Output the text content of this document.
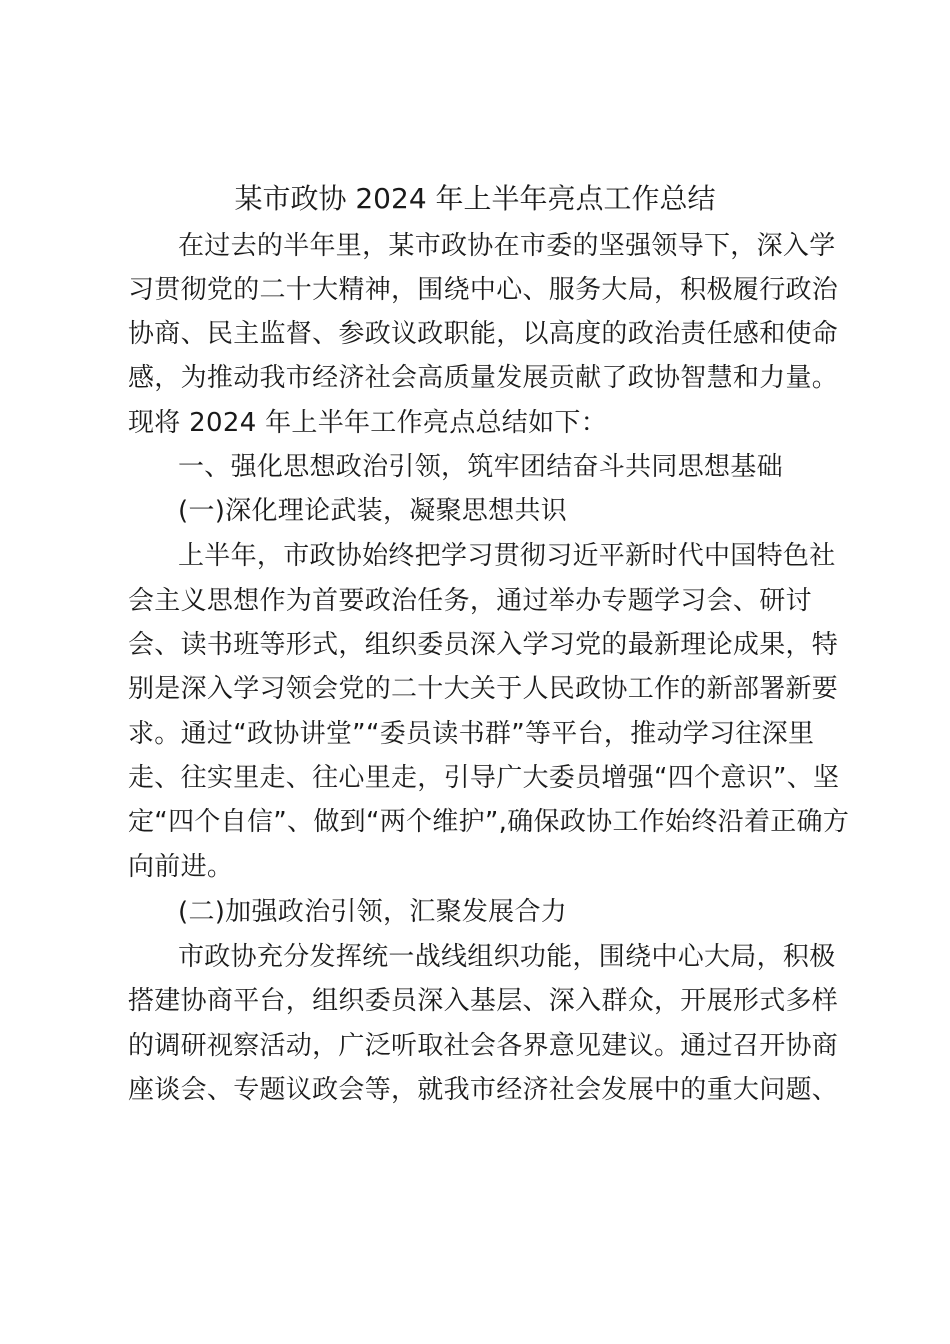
某市政协 2024 年上半年亮点工作总结
在过去的半年里，某市政协在市委的坚强领导下，深入学
习贯彻党的二十大精神，围绕中心、服务大局，积极履行政治
协商、民主监督、参政议政职能，以高度的政治责任感和使命
感，为推动我市经济社会高质量发展贡献了政协智慧和力量。
现将 2024 年上半年工作亮点总结如下：
一、强化思想政治引领，筑牢团结奋斗共同思想基础
(一)深化理论武装，凝聚思想共识
上半年，市政协始终把学习贯彻习近平新时代中国特色社
会主义思想作为首要政治任务，通过举办专题学习会、研讨
会、读书班等形式，组织委员深入学习党的最新理论成果，特
别是深入学习领会党的二十大关于人民政协工作的新部署新要
求。通过“政协讲堂”“委员读书群”等平台，推动学习往深里
走、往实里走、往心里走，引导广大委员增强“四个意识”、坚
定“四个自信”、做到“两个维护”,确保政协工作始终沿着正确方
向前进。
(二)加强政治引领，汇聚发展合力
市政协充分发挥统一战线组织功能，围绕中心大局，积极
搭建协商平台，组织委员深入基层、深入群众，开展形式多样
的调研视察活动，广泛听取社会各界意见建议。通过召开协商
座谈会、专题议政会等，就我市经济社会发展中的重大问题、
